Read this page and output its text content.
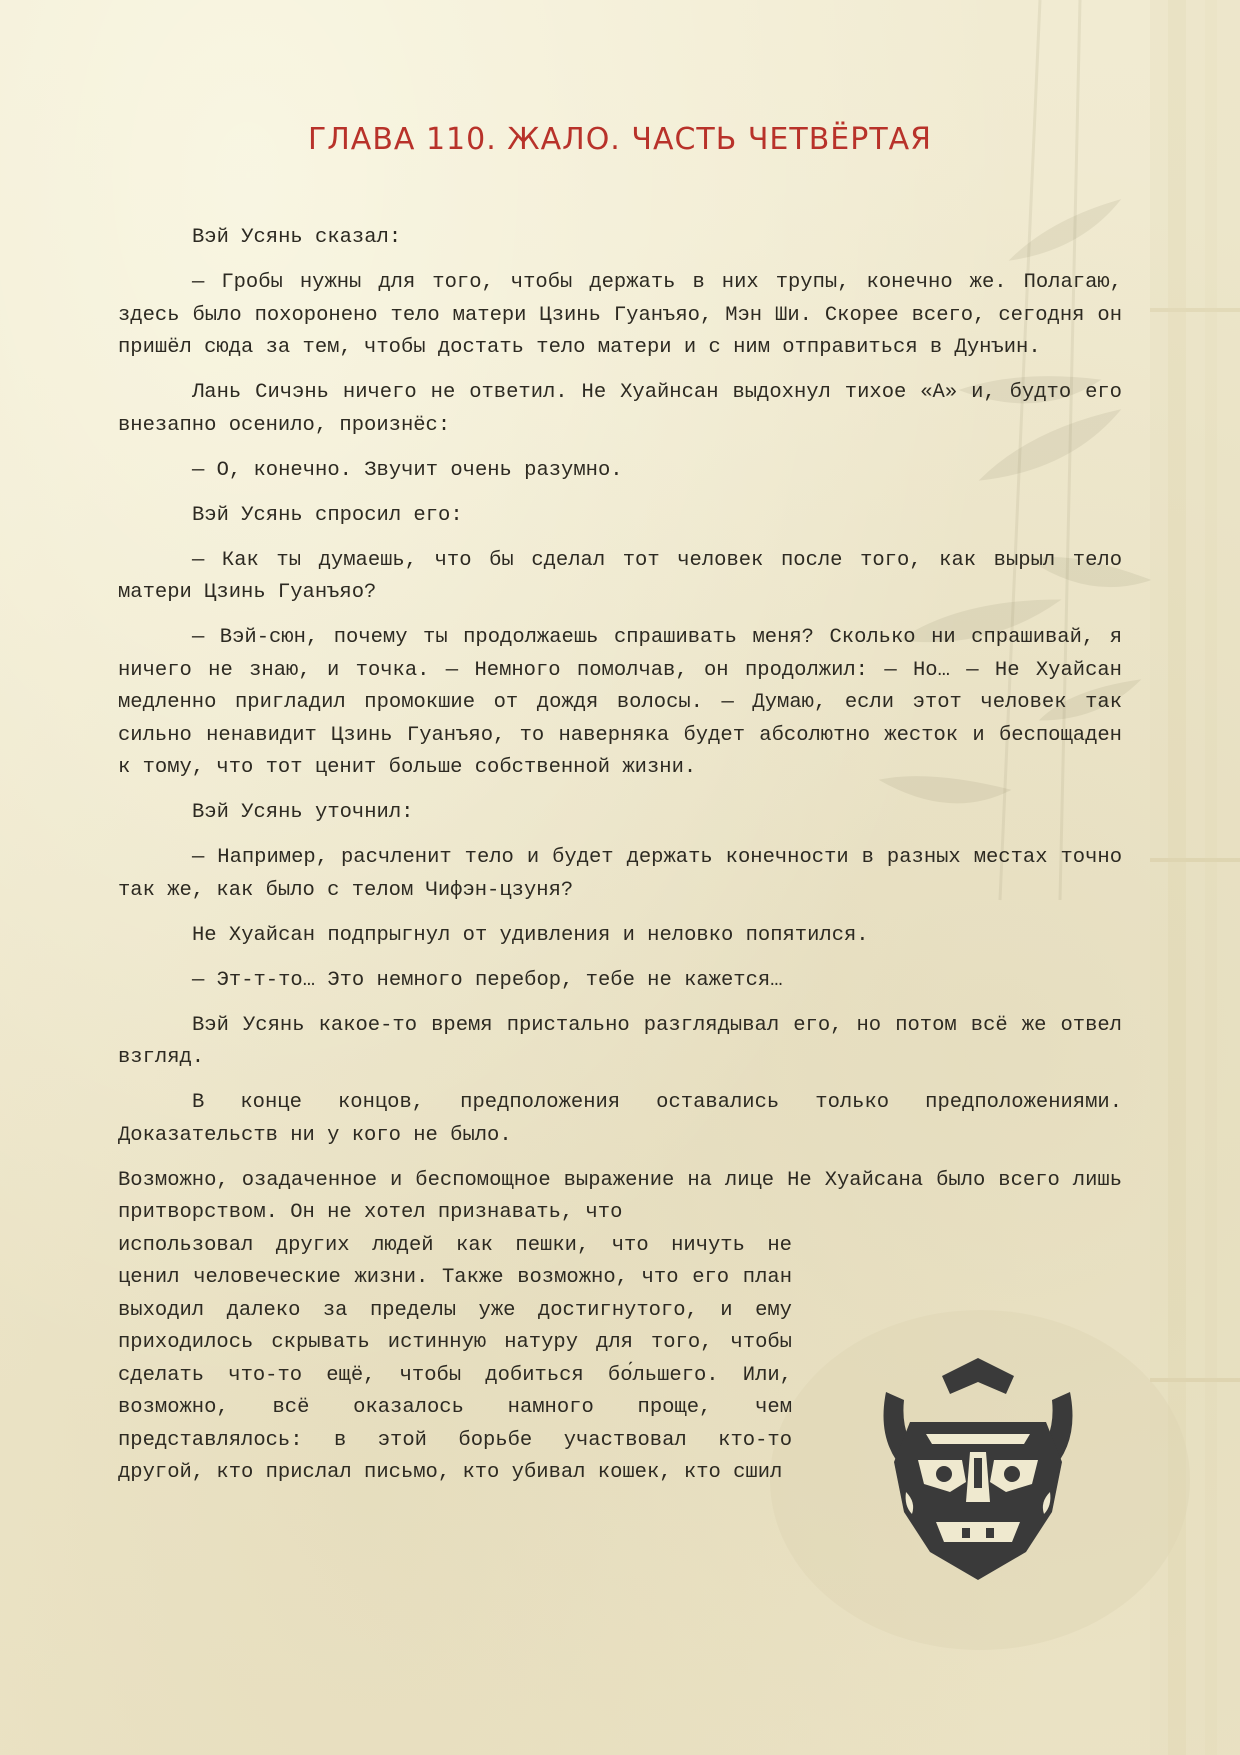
ГЛАВА 110. ЖАЛО. ЧАСТЬ ЧЕТВЁРТАЯ

Вэй Усянь сказал:

— Гробы нужны для того, чтобы держать в них трупы, конечно же. Полагаю, здесь было похоронено тело матери Цзинь Гуанъяо, Мэн Ши. Скорее всего, сегодня он пришёл сюда за тем, чтобы достать тело матери и с ним отправиться в Дунъин.

Лань Сичэнь ничего не ответил. Не Хуайнсан выдохнул тихое «А» и, будто его внезапно осенило, произнёс:

— О, конечно. Звучит очень разумно.

Вэй Усянь спросил его:

— Как ты думаешь, что бы сделал тот человек после того, как вырыл тело матери Цзинь Гуанъяо?

— Вэй-сюн, почему ты продолжаешь спрашивать меня? Сколько ни спрашивай, я ничего не знаю, и точка. — Немного помолчав, он продолжил: — Но… — Не Хуайсан медленно пригладил промокшие от дождя волосы. — Думаю, если этот человек так сильно ненавидит Цзинь Гуанъяо, то наверняка будет абсолютно жесток и беспощаден к тому, что тот ценит больше собственной жизни.

Вэй Усянь уточнил:

— Например, расчленит тело и будет держать конечности в разных местах точно так же, как было с телом Чифэн-цзуня?

Не Хуайсан подпрыгнул от удивления и неловко попятился.

— Эт-т-то… Это немного перебор, тебе не кажется…

Вэй Усянь какое-то время пристально разглядывал его, но потом всё же отвел взгляд.

В конце концов, предположения оставались только предположениями. Доказательств ни у кого не было.

Возможно, озадаченное и беспомощное выражение на лице Не Хуайсана было всего лишь притворством. Он не хотел признавать, что

использовал других людей как пешки, что ничуть не ценил человеческие жизни. Также возможно, что его план выходил далеко за пределы уже достигнутого, и ему приходилось скрывать истинную натуру для того, чтобы сделать что-то ещё, чтобы добиться бо́льшего. Или, возможно, всё оказалось намного проще, чем представлялось: в этой борьбе участвовал кто-то другой, кто прислал письмо, кто убивал кошек, кто сшил
